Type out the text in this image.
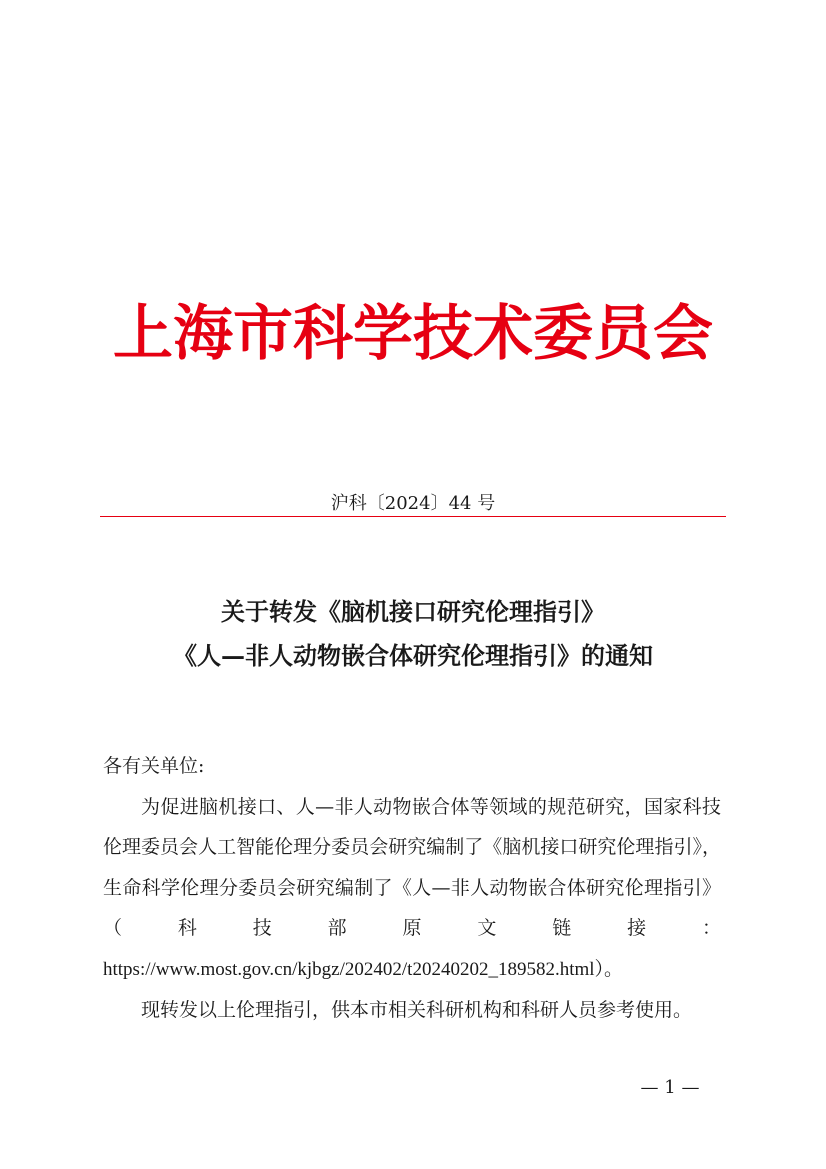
上海市科学技术委员会
沪科〔2024〕44 号
关于转发《脑机接口研究伦理指引》
《人—非人动物嵌合体研究伦理指引》的通知

各有关单位:

为促进脑机接口、人—非人动物嵌合体等领域的规范研究，国家科技伦理委员会人工智能伦理分委员会研究编制了《脑机接口研究伦理指引》，生命科学伦理分委员会研究编制了《人—非人动物嵌合体研究伦理指引》（科技部原文链接：https://www.most.gov.cn/kjbgz/202402/t20240202_189582.html）。

现转发以上伦理指引，供本市相关科研机构和科研人员参考使用。

— 1 —
